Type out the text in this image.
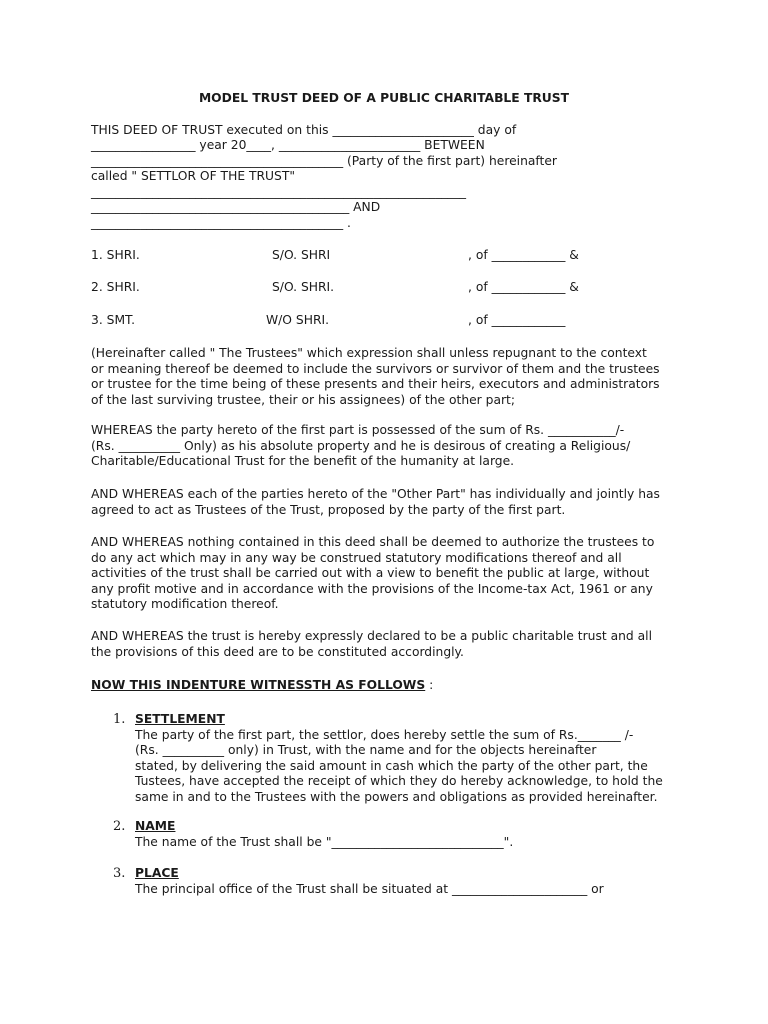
MODEL TRUST DEED OF A PUBLIC CHARITABLE TRUST
THIS DEED OF TRUST executed on this _______________________ day of
_________________ year 20____, _______________________ BETWEEN
_________________________________________ (Party of the first part) hereinafter
called " SETTLOR OF THE TRUST"
_____________________________________________________________
__________________________________________ AND
_________________________________________ .
1. SHRI.	S/O. SHRI	, of ____________ &
2. SHRI.	S/O. SHRI.	, of ____________ &
3. SMT.	W/O SHRI.	, of ____________

(Hereinafter called " The Trustees" which expression shall unless repugnant to the context

or meaning thereof be deemed to include the survivors or survivor of them and the trustees

or trustee for the time being of these presents and their heirs, executors and administrators

of the last surviving trustee, their or his assignees) of the other part;

WHEREAS the party hereto of the first part is possessed of the sum of Rs. ___________/-

(Rs. __________ Only) as his absolute property and he is desirous of creating a Religious/

Charitable/Educational Trust for the benefit of the humanity at large.

AND WHEREAS each of the parties hereto of the "Other Part" has individually and jointly has

agreed to act as Trustees of the Trust, proposed by the party of the first part.

AND WHEREAS nothing contained in this deed shall be deemed to authorize the trustees to

do any act which may in any way be construed statutory modifications thereof and all

activities of the trust shall be carried out with a view to benefit the public at large, without

any profit motive and in accordance with the provisions of the Income-tax Act, 1961 or any

statutory modification thereof.

AND WHEREAS the trust is hereby expressly declared to be a public charitable trust and all

the provisions of this deed are to be constituted accordingly.

NOW THIS INDENTURE WITNESSTH AS FOLLOWS :
1. SETTLEMENT

The party of the first part, the settlor, does hereby settle the sum of Rs._______ /-

(Rs. __________ only) in Trust, with the name and for the objects hereinafter

stated, by delivering the said amount in cash which the party of the other part, the

Tustees, have accepted the receipt of which they do hereby acknowledge, to hold the

same in and to the Trustees with the powers and obligations as provided hereinafter.

2. NAME

The name of the Trust shall be "____________________________".

3. PLACE

The principal office of the Trust shall be situated at ______________________ or
